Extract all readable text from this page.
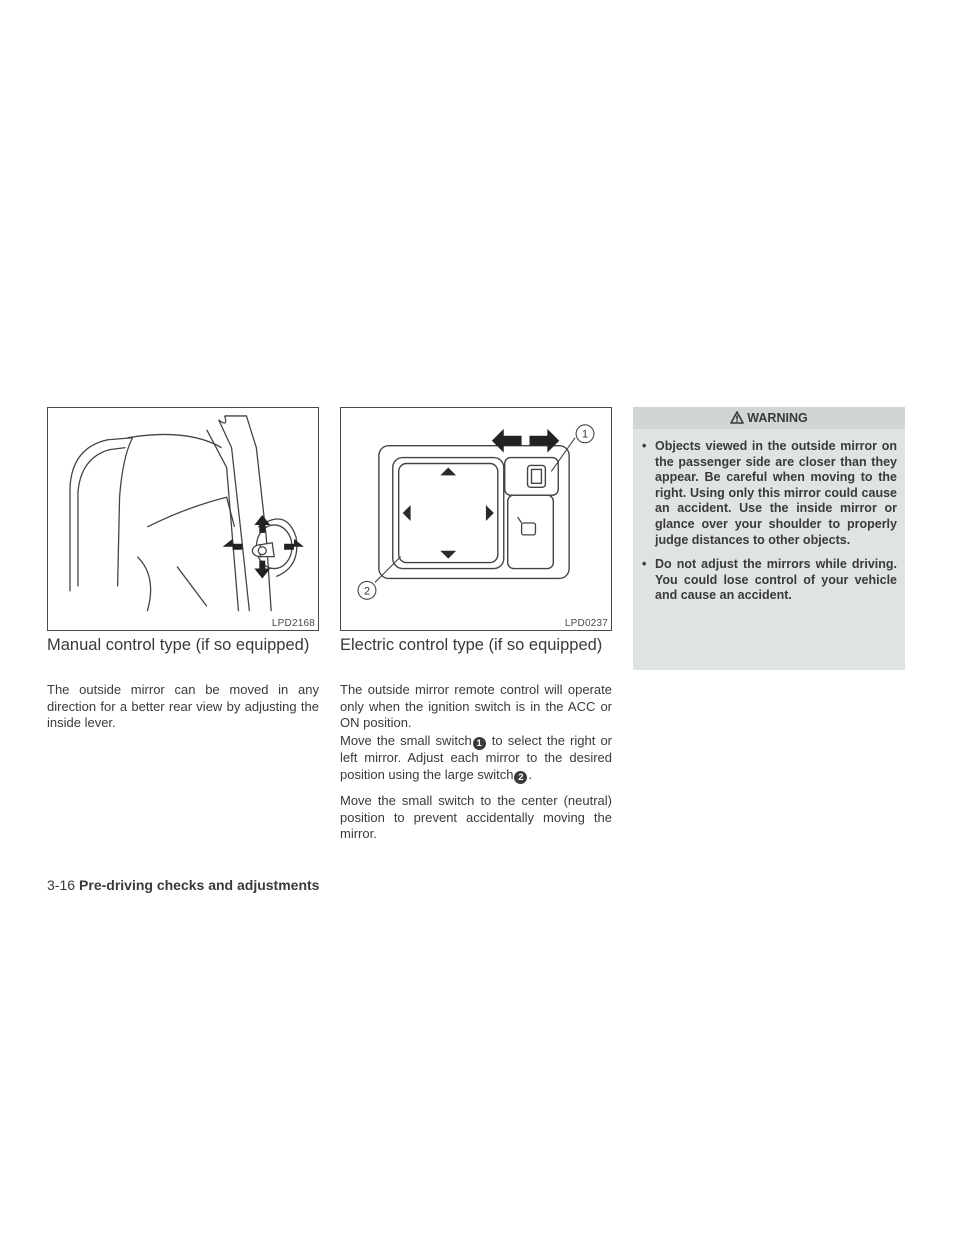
LPD2168
1
2
LPD0237
Manual control type (if so equipped)

The outside mirror can be moved in any direction for a better rear view by adjusting the inside lever.

Electric control type (if so equipped)

The outside mirror remote control will operate only when the ignition switch is in the ACC or ON position.

Move the small switch 1 to select the right or left mirror. Adjust each mirror to the desired position using the large switch 2 .

Move the small switch to the center (neutral) position to prevent accidentally moving the mirror.

WARNING
• Objects viewed in the outside mirror on the passenger side are closer than they appear. Be careful when moving to the right. Using only this mirror could cause an accident. Use the inside mirror or glance over your shoulder to properly judge distances to other objects.
• Do not adjust the mirrors while driving. You could lose control of your vehicle and cause an accident.
3-16 Pre-driving checks and adjustments
